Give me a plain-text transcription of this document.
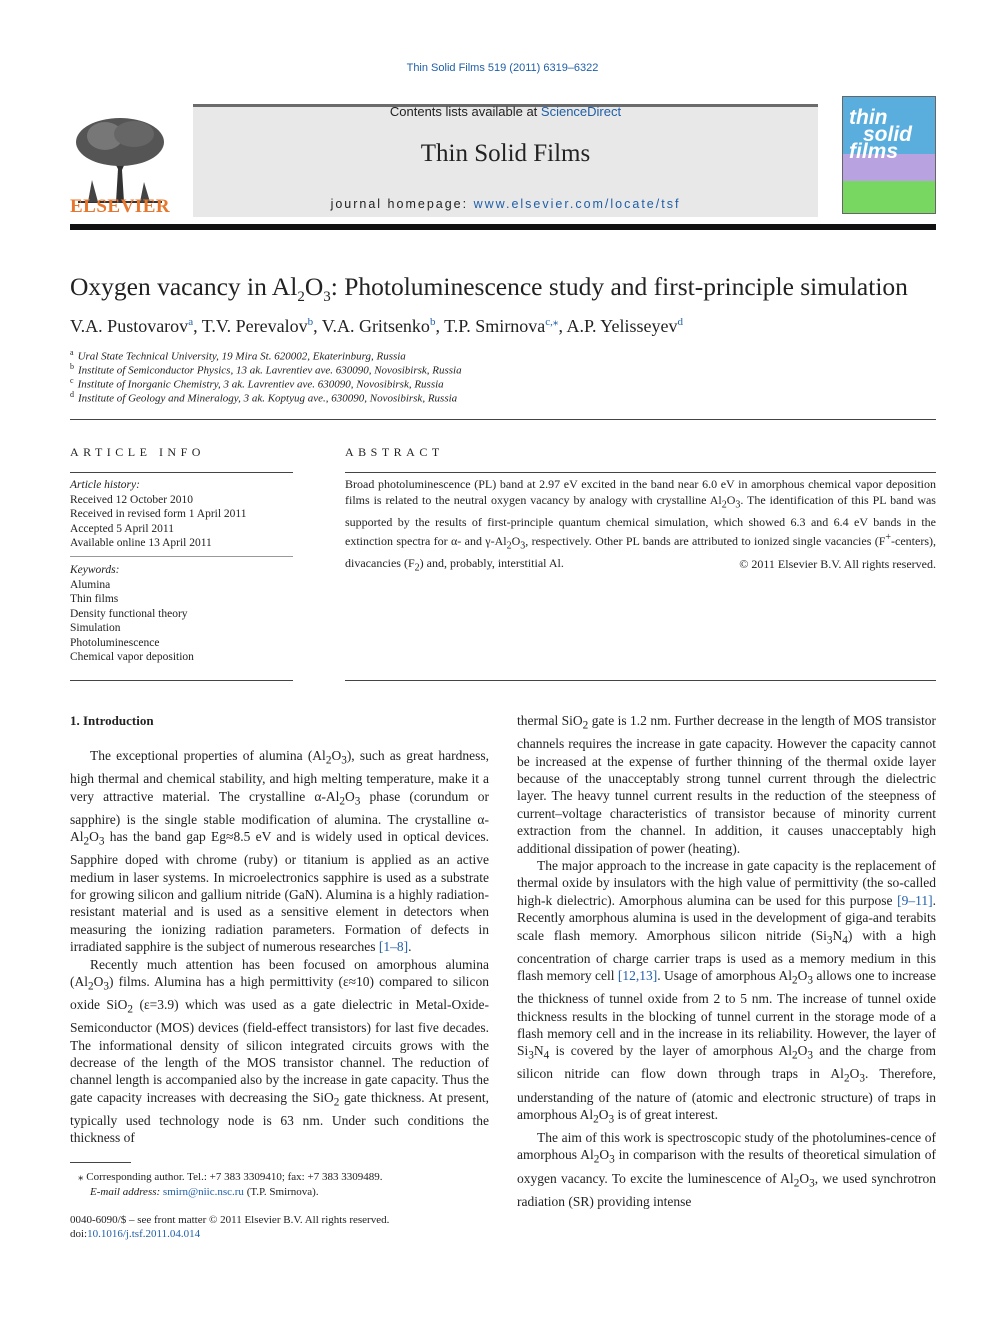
Thin Solid Films 519 (2011) 6319–6322
ELSEVIER
Contents lists available at ScienceDirect
Thin Solid Films
journal homepage: www.elsevier.com/locate/tsf
thin
solid
films
Oxygen vacancy in $Al_2O_3$: Photoluminescence study and first-principle simulation
V.A. Pustovarov$^a$, T.V. Perevalov$^b$, V.A. Gritsenko$^b$, T.P. Smirnova$^{c,⁎}$, A.P. Yelisseyev$^d$
$^a$ Ural State Technical University, 19 Mira St. 620002, Ekaterinburg, Russia
$^b$ Institute of Semiconductor Physics, 13 ak. Lavrentiev ave. 630090, Novosibirsk, Russia
$^c$ Institute of Inorganic Chemistry, 3 ak. Lavrentiev ave. 630090, Novosibirsk, Russia
$^d$ Institute of Geology and Mineralogy, 3 ak. Koptyug ave., 630090, Novosibirsk, Russia
ARTICLE INFO
Article history:
Received 12 October 2010
Received in revised form 1 April 2011
Accepted 5 April 2011
Available online 13 April 2011
Keywords:
Alumina
Thin films
Density functional theory
Simulation
Photoluminescence
Chemical vapor deposition
ABSTRACT
Broad photoluminescence (PL) band at 2.97 eV excited in the band near 6.0 eV in amorphous chemical vapor deposition films is related to the neutral oxygen vacancy by analogy with crystalline $Al_2O_3$. The identification of this PL band was supported by the results of first-principle quantum chemical simulation, which showed 6.3 and 6.4 eV bands in the extinction spectra for α- and $\gamma-Al_2O_3$, respectively. Other PL bands are attributed to ionized single vacancies (F+-centers), divacancies $(F_2)$ and, probably, interstitial Al.	© 2011 Elsevier B.V. All rights reserved.
1. Introduction

The exceptional properties of alumina $(Al_2O_3)$, such as great hardness, high thermal and chemical stability, and high melting temperature, make it a very attractive material. The crystalline $\alpha-Al_2O_3$ phase (corundum or sapphire) is the single stable modification of alumina. The crystalline $\alpha-Al_2O_3$ has the band gap Eg≈8.5 eV and is widely used in optical devices. Sapphire doped with chrome (ruby) or titanium is applied as an active medium in laser systems. In microelectronics sapphire is used as a substrate for growing silicon and gallium nitride (GaN). Alumina is a highly radiation-resistant material and is used as a sensitive element in detectors when measuring the ionizing radiation parameters. Formation of defects in irradiated sapphire is the subject of numerous researches [1–8].

Recently much attention has been focused on amorphous alumina $(Al_2O_3)$ films. Alumina has a high permittivity (ε≈10) compared to silicon oxide SiO$_2$ (ε=3.9) which was used as a gate dielectric in Metal-Oxide-Semiconductor (MOS) devices (field-effect transistors) for last five decades. The informational density of silicon integrated circuits grows with the decrease of the length of the MOS transistor channel. The reduction of channel length is accompanied also by the increase in gate capacity. Thus the gate capacity increases with decreasing the SiO$_2$ gate thickness. At present, typically used technology node is 63 nm. Under such conditions the thickness of

thermal SiO$_2$ gate is 1.2 nm. Further decrease in the length of MOS transistor channels requires the increase in gate capacity. However the capacity cannot be increased at the expense of further thinning of the thermal oxide layer because of the unacceptably strong tunnel current through the dielectric layer. The heavy tunnel current results in the reduction of the steepness of current–voltage characteristics of transistor because of minority current extraction from the channel. In addition, it causes unacceptably high additional dissipation of power (heating).

The major approach to the increase in gate capacity is the replacement of thermal oxide by insulators with the high value of permittivity (the so-called high-k dielectric). Amorphous alumina can be used for this purpose [9–11]. Recently amorphous alumina is used in the development of giga-and terabits scale flash memory. Amorphous silicon nitride $(Si_3N_4)$ with a high concentration of charge carrier traps is used as a memory medium in this flash memory cell [12,13]. Usage of amorphous $Al_2O_3$ allows one to increase the thickness of tunnel oxide from 2 to 5 nm. The increase of tunnel oxide thickness results in the blocking of tunnel current in the storage mode of a flash memory cell and in the increase in its reliability. However, the layer of $Si_3N_4$ is covered by the layer of amorphous $Al_2O_3$ and the charge from silicon nitride can flow down through traps in $Al_2O_3$. Therefore, understanding of the nature of (atomic and electronic structure) of traps in amorphous $Al_2O_3$ is of great interest.

The aim of this work is spectroscopic study of the photolumines-cence of amorphous $Al_2O_3$ in comparison with the results of theoretical simulation of oxygen vacancy. To excite the luminescence of $Al_2O_3$, we used synchrotron radiation (SR) providing intense

⁎ Corresponding author. Tel.: +7 383 3309410; fax: +7 383 3309489.
E-mail address: smirn@niic.nsc.ru (T.P. Smirnova).
0040-6090/$ – see front matter © 2011 Elsevier B.V. All rights reserved.
doi:10.1016/j.tsf.2011.04.014
